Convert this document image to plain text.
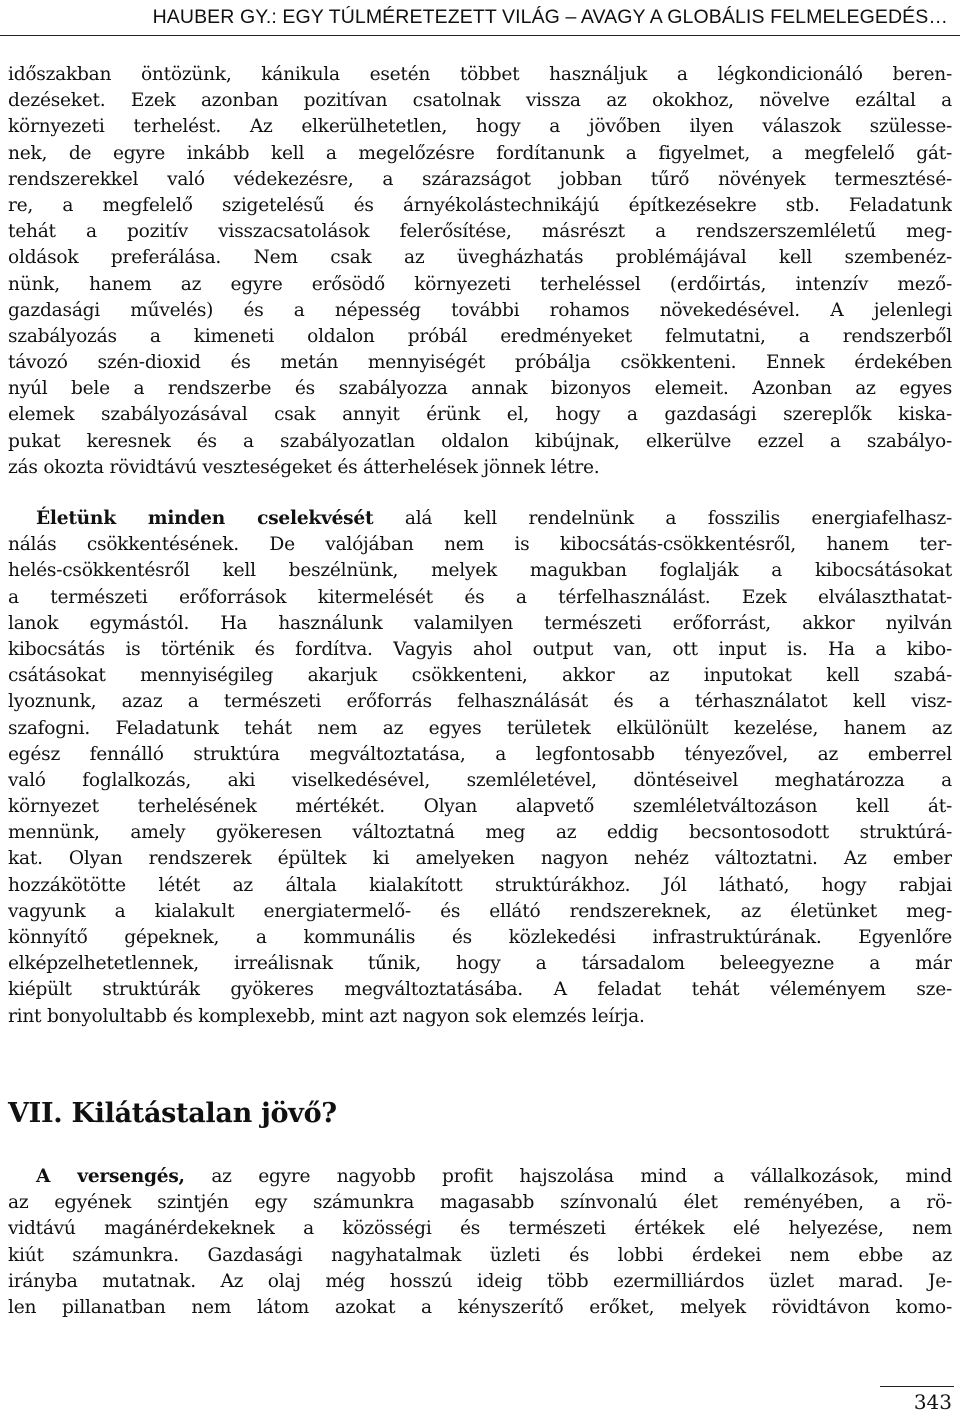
HAUBER GY.: EGY TÚLMÉRETEZETT VILÁG – AVAGY A GLOBÁLIS FELMELEGEDÉS…
időszakban öntözünk, kánikula esetén többet használjuk a légkondicionáló beren-
dezéseket. Ezek azonban pozitívan csatolnak vissza az okokhoz, növelve ezáltal a
környezeti terhelést. Az elkerülhetetlen, hogy a jövőben ilyen válaszok szülesse-
nek, de egyre inkább kell a megelőzésre fordítanunk a figyelmet, a megfelelő gát-
rendszerekkel való védekezésre, a szárazságot jobban tűrő növények termesztésé-
re, a megfelelő szigetelésű és árnyékolástechnikájú építkezésekre stb. Feladatunk
tehát a pozitív visszacsatolások felerősítése, másrészt a rendszerszemléletű meg-
oldások preferálása. Nem csak az üvegházhatás problémájával kell szembenéz-
nünk, hanem az egyre erősödő környezeti terheléssel (erdőirtás, intenzív mező-
gazdasági művelés) és a népesség további rohamos növekedésével. A jelenlegi
szabályozás a kimeneti oldalon próbál eredményeket felmutatni, a rendszerből
távozó szén-dioxid és metán mennyiségét próbálja csökkenteni. Ennek érdekében
nyúl bele a rendszerbe és szabályozza annak bizonyos elemeit. Azonban az egyes
elemek szabályozásával csak annyit érünk el, hogy a gazdasági szereplők kiska-
pukat keresnek és a szabályozatlan oldalon kibújnak, elkerülve ezzel a szabályo-
zás okozta rövidtávú veszteségeket és átterhelések jönnek létre.
Életünk minden cselekvését alá kell rendelnünk a fosszilis energiafelhasz-
nálás csökkentésének. De valójában nem is kibocsátás-csökkentésről, hanem ter-
helés-csökkentésről kell beszélnünk, melyek magukban foglalják a kibocsátásokat
a természeti erőforrások kitermelését és a térfelhasználást. Ezek elválaszthatat-
lanok egymástól. Ha használunk valamilyen természeti erőforrást, akkor nyilván
kibocsátás is történik és fordítva. Vagyis ahol output van, ott input is. Ha a kibo-
csátásokat mennyiségileg akarjuk csökkenteni, akkor az inputokat kell szabá-
lyoznunk, azaz a természeti erőforrás felhasználását és a térhasználatot kell visz-
szafogni. Feladatunk tehát nem az egyes területek elkülönült kezelése, hanem az
egész fennálló struktúra megváltoztatása, a legfontosabb tényezővel, az emberrel
való foglalkozás, aki viselkedésével, szemléletével, döntéseivel meghatározza a
környezet terhelésének mértékét. Olyan alapvető szemléletváltozáson kell át-
mennünk, amely gyökeresen változtatná meg az eddig becsontosodott struktúrá-
kat. Olyan rendszerek épültek ki amelyeken nagyon nehéz változtatni. Az ember
hozzákötötte létét az általa kialakított struktúrákhoz. Jól látható, hogy rabjai
vagyunk a kialakult energiatermelő- és ellátó rendszereknek, az életünket meg-
könnyítő gépeknek, a kommunális és közlekedési infrastruktúrának. Egyenlőre
elképzelhetetlennek, irreálisnak tűnik, hogy a társadalom beleegyezne a már
kiépült struktúrák gyökeres megváltoztatásába. A feladat tehát véleményem sze-
rint bonyolultabb és komplexebb, mint azt nagyon sok elemzés leírja.
VII. Kilátástalan jövő?
A versengés, az egyre nagyobb profit hajszolása mind a vállalkozások, mind
az egyének szintjén egy számunkra magasabb színvonalú élet reményében, a rö-
vidtávú magánérdekeknek a közösségi és természeti értékek elé helyezése, nem
kiút számunkra. Gazdasági nagyhatalmak üzleti és lobbi érdekei nem ebbe az
irányba mutatnak. Az olaj még hosszú ideig több ezermilliárdos üzlet marad. Je-
len pillanatban nem látom azokat a kényszerítő erőket, melyek rövidtávon komo-
343
